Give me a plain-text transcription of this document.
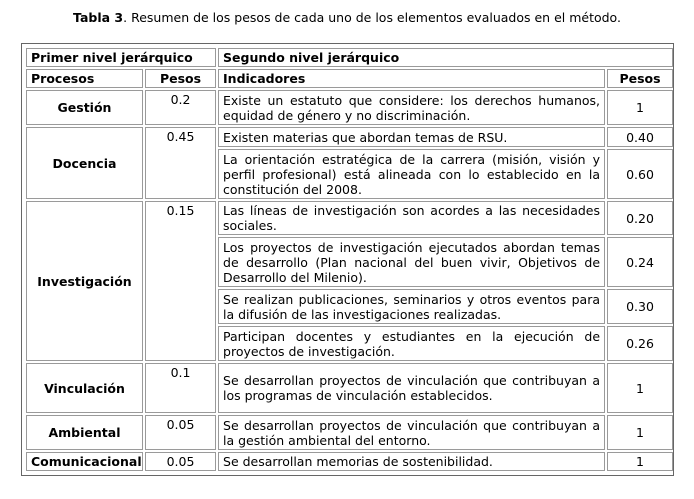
Tabla 3. Resumen de los pesos de cada uno de los elementos evaluados en el método.
Primer nivel jerárquico		Segundo nivel jerárquico	
Procesos	Pesos	Indicadores	Pesos
Gestión	0.2	Existe un estatuto que considere: los derechos humanos, equidad de género y no discriminación.	1
Docencia	0.45	Existen materias que abordan temas de RSU.	0.40
		La orientación estratégica de la carrera (misión, visión y perfil profesional) está alineada con lo establecido en la constitución del 2008.	0.60
Investigación	0.15	Las líneas de investigación son acordes a las necesidades sociales.	0.20
		Los proyectos de investigación ejecutados abordan temas de desarrollo (Plan nacional del buen vivir, Objetivos de Desarrollo del Milenio).	0.24
		Se realizan publicaciones, seminarios y otros eventos para la difusión de las investigaciones realizadas.	0.30
		Participan docentes y estudiantes en la ejecución de proyectos de investigación.	0.26
Vinculación	0.1	Se desarrollan proyectos de vinculación que contribuyan a los programas de vinculación establecidos.	1
Ambiental	0.05	Se desarrollan proyectos de vinculación que contribuyan a la gestión ambiental del entorno.	1
Comunicacional	0.05	Se desarrollan memorias de sostenibilidad.	1
